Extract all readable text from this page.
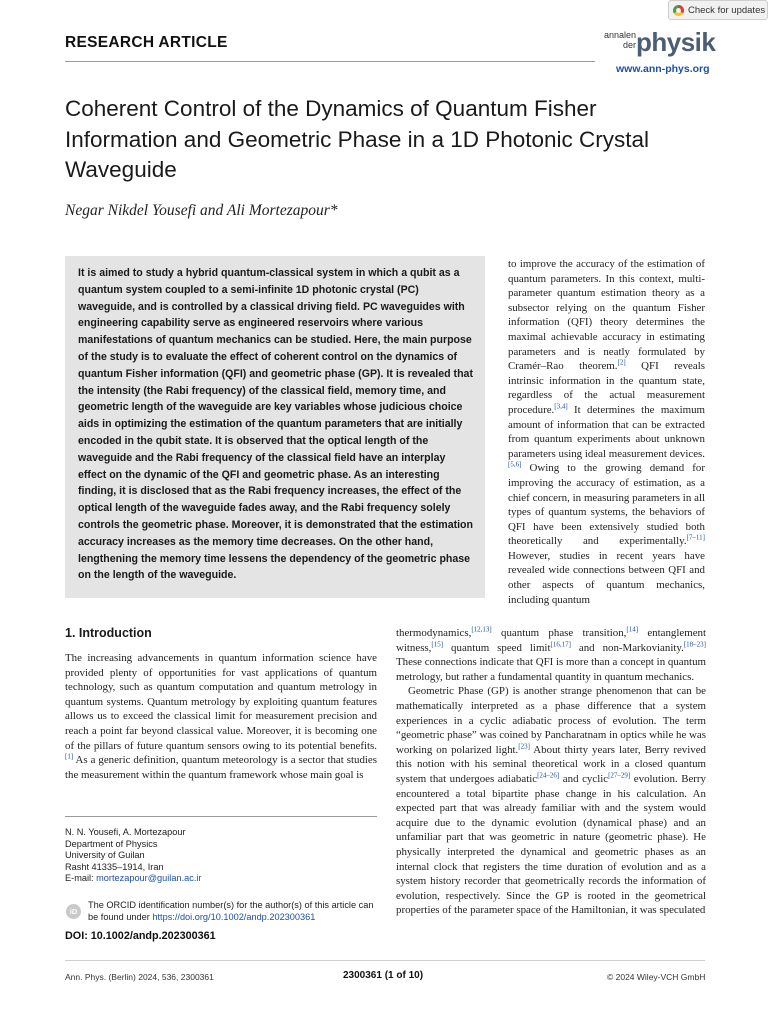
Check for updates
RESEARCH ARTICLE	annalen
der physik
www.ann-phys.org
Coherent Control of the Dynamics of Quantum Fisher Information and Geometric Phase in a 1D Photonic Crystal Waveguide
Negar Nikdel Yousefi and Ali Mortezapour*
It is aimed to study a hybrid quantum-classical system in which a qubit as a quantum system coupled to a semi-infinite 1D photonic crystal (PC) waveguide, and is controlled by a classical driving field. PC waveguides with engineering capability serve as engineered reservoirs where various manifestations of quantum mechanics can be studied. Here, the main purpose of the study is to evaluate the effect of coherent control on the dynamics of quantum Fisher information (QFI) and geometric phase (GP). It is revealed that the intensity (the Rabi frequency) of the classical field, memory time, and geometric length of the waveguide are key variables whose judicious choice aids in optimizing the estimation of the quantum parameters that are initially encoded in the qubit state. It is observed that the optical length of the waveguide and the Rabi frequency of the classical field have an interplay effect on the dynamic of the QFI and geometric phase. As an interesting finding, it is disclosed that as the Rabi frequency increases, the effect of the optical length of the waveguide fades away, and the Rabi frequency solely controls the geometric phase. Moreover, it is demonstrated that the estimation accuracy increases as the memory time decreases. On the other hand, lengthening the memory time lessens the dependency of the geometric phase on the length of the waveguide.

to improve the accuracy of the estimation of quantum parameters. In this context, multi-parameter quantum estimation theory as a subsector relying on the quantum Fisher information (QFI) theory determines the maximal achievable accuracy in estimating parameters and is neatly formulated by Cramér–Rao theorem.[2] QFI reveals intrinsic information in the quantum state, regardless of the actual measurement procedure.[3,4] It determines the maximum amount of information that can be extracted from quantum experiments about unknown parameters using ideal measurement devices.[5,6] Owing to the growing demand for improving the accuracy of estimation, as a chief concern, in measuring parameters in all types of quantum systems, the behaviors of QFI have been extensively studied both theoretically and experimentally.[7–11] However, studies in recent years have revealed wide connections between QFI and other aspects of quantum mechanics, including quantum

1. Introduction

The increasing advancements in quantum information science have provided plenty of opportunities for vast applications of quantum technology, such as quantum computation and quantum metrology in quantum systems. Quantum metrology by exploiting quantum features allows us to exceed the classical limit for measurement precision and reach a point far beyond classical value. Moreover, it is becoming one of the pillars of future quantum sensors owing to its potential benefits.[1] As a generic definition, quantum meteorology is a sector that studies the measurement within the quantum framework whose main goal is

thermodynamics,[12,13] quantum phase transition,[14] entanglement witness,[15] quantum speed limit[16,17] and non-Markovianity.[18–23] These connections indicate that QFI is more than a concept in quantum metrology, but rather a fundamental quantity in quantum mechanics.

Geometric Phase (GP) is another strange phenomenon that can be mathematically interpreted as a phase difference that a system experiences in a cyclic adiabatic process of evolution. The term “geometric phase” was coined by Pancharatnam in optics while he was working on polarized light.[23] About thirty years later, Berry revived this notion with his seminal theoretical work in a closed quantum system that undergoes adiabatic[24–26] and cyclic[27–29] evolution. Berry encountered a total bipartite phase change in his calculation. An expected part that was already familiar with and the system would acquire due to the dynamic evolution (dynamical phase) and an unfamiliar part that was geometric in nature (geometric phase). He physically interpreted the dynamical and geometric phases as an internal clock that registers the time duration of evolution and as a system history recorder that geometrically records the information of evolution, respectively. Since the GP is rooted in the geometrical properties of the parameter space of the Hamiltonian, it was speculated

N. N. Yousefi, A. Mortezapour
Department of Physics
University of Guilan
Rasht 41335–1914, Iran
E-mail: mortezapour@guilan.ac.ir
iD
The ORCID identification number(s) for the author(s) of this article can be found under https://doi.org/10.1002/andp.202300361
DOI: 10.1002/andp.202300361
Ann. Phys. (Berlin) 2024, 536, 2300361	2300361 (1 of 10)	© 2024 Wiley-VCH GmbH
